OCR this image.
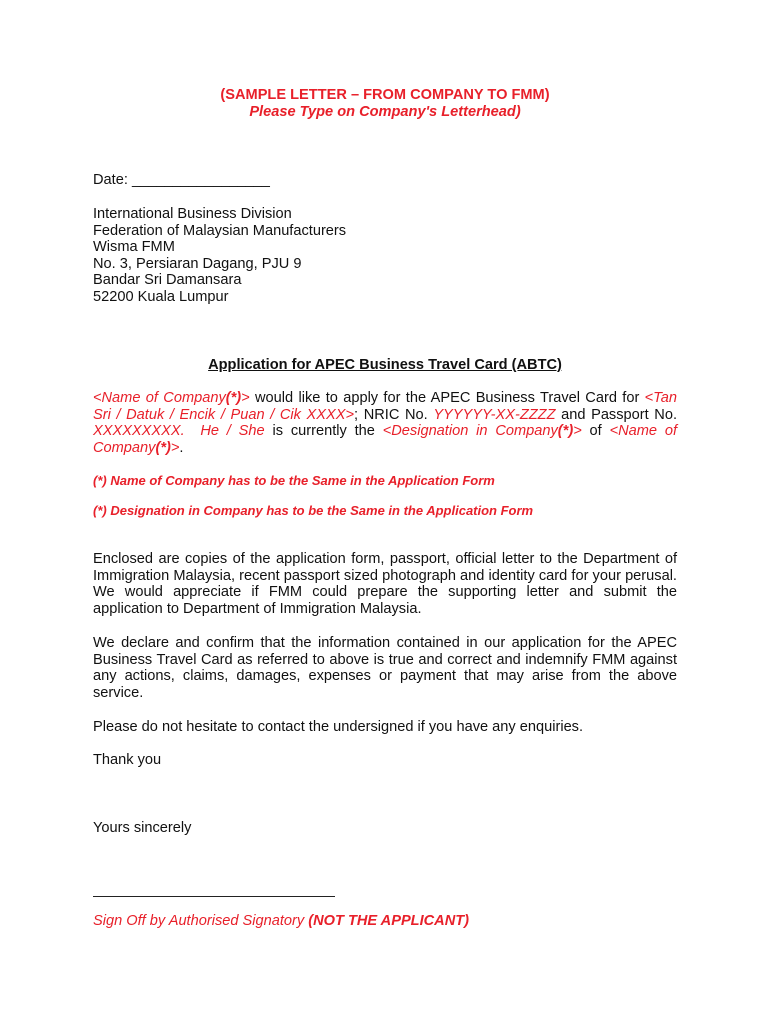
(SAMPLE LETTER – FROM COMPANY TO FMM)
Please Type on Company's Letterhead)
Date: _________________
International Business Division
Federation of Malaysian Manufacturers
Wisma FMM
No. 3, Persiaran Dagang, PJU 9
Bandar Sri Damansara
52200 Kuala Lumpur
Application for APEC Business Travel Card (ABTC)
<Name of Company(*)> would like to apply for the APEC Business Travel Card for <Tan Sri / Datuk / Encik / Puan / Cik XXXX>; NRIC No. YYYYYY-XX-ZZZZ and Passport No. XXXXXXXXX. He / She is currently the <Designation in Company(*)> of <Name of Company(*)>.
(*) Name of Company has to be the Same in the Application Form
(*) Designation in Company has to be the Same in the Application Form
Enclosed are copies of the application form, passport, official letter to the Department of Immigration Malaysia, recent passport sized photograph and identity card for your perusal. We would appreciate if FMM could prepare the supporting letter and submit the application to Department of Immigration Malaysia.
We declare and confirm that the information contained in our application for the APEC Business Travel Card as referred to above is true and correct and indemnify FMM against any actions, claims, damages, expenses or payment that may arise from the above service.
Please do not hesitate to contact the undersigned if you have any enquiries.
Thank you
Yours sincerely
Sign Off by Authorised Signatory (NOT THE APPLICANT)
